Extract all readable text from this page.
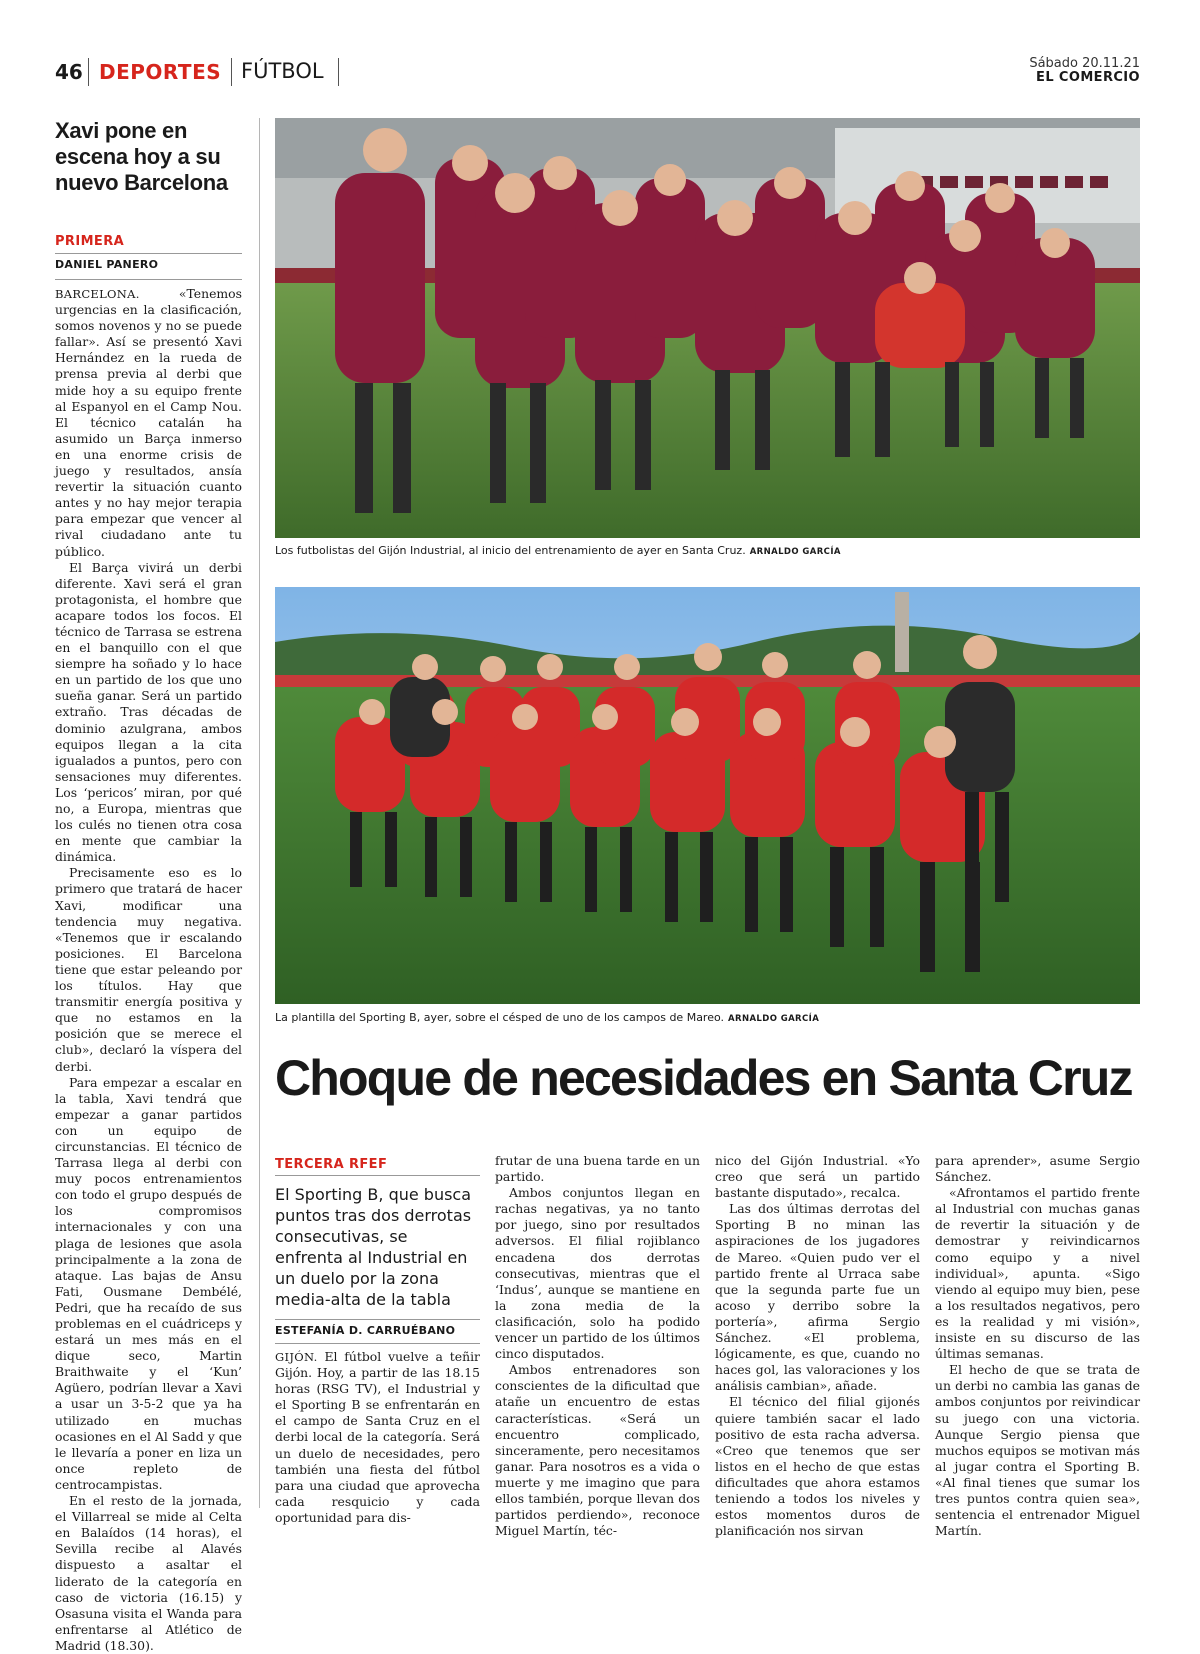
46 DEPORTES FÚTBOL	Sábado 20.11.21
EL COMERCIO
Xavi pone en escena hoy a su nuevo Barcelona
PRIMERA
DANIEL PANERO

BARCELONA.	«Tenemos urgencias en la clasificación, somos novenos y no se puede fallar». Así se presentó Xavi Hernández en la rueda de prensa previa al derbi que mide hoy a su equipo frente al Espanyol en el Camp Nou. El técnico catalán ha asumido un Barça inmerso en una enorme crisis de juego y resultados, ansía revertir la situación cuanto antes y no hay mejor terapia para empezar que vencer al rival ciudadano ante tu público.

El Barça vivirá un derbi diferente. Xavi será el gran protagonista, el hombre que acapare todos los focos. El técnico de Tarrasa se estrena en el banquillo con el que siempre ha soñado y lo hace en un partido de los que uno sueña ganar. Será un partido extraño. Tras décadas de dominio azulgrana, ambos equipos llegan a la cita igualados a puntos, pero con sensaciones muy diferentes. Los ‘pericos’ miran, por qué no, a Europa, mientras que los culés no tienen otra cosa en mente que cambiar la dinámica.

Precisamente eso es lo primero que tratará de hacer Xavi, modificar una tendencia muy negativa. «Tenemos que ir escalando posiciones. El Barcelona tiene que estar peleando por los títulos. Hay que transmitir energía positiva y que no estamos en la posición que se merece el club», declaró la víspera del derbi.

Para empezar a escalar en la tabla, Xavi tendrá que empezar a ganar partidos con un equipo de circunstancias. El técnico de Tarrasa llega al derbi con muy pocos entrenamientos con todo el grupo después de los compromisos internacionales y con una plaga de lesiones que asola principalmente a la zona de ataque. Las bajas de Ansu Fati, Ousmane Dembélé, Pedri, que ha recaído de sus problemas en el cuádriceps y estará un mes más en el dique seco, Martin Braithwaite y el ‘Kun’ Agüero, podrían llevar a Xavi a usar un 3-5-2 que ya ha utilizado en muchas ocasiones en el Al Sadd y que le llevaría a poner en liza un once repleto de centrocampistas.

En el resto de la jornada, el Villarreal se mide al Celta en Balaídos (14 horas), el Sevilla recibe al Alavés dispuesto a asaltar el liderato de la categoría en caso de victoria (16.15) y Osasuna visita el Wanda para enfrentarse al Atlético de Madrid (18.30).

Los futbolistas del Gijón Industrial, al inicio del entrenamiento de ayer en Santa Cruz. ARNALDO GARCÍA
La plantilla del Sporting B, ayer, sobre el césped de uno de los campos de Mareo. ARNALDO GARCÍA
Choque de necesidades en Santa Cruz
TERCERA RFEF
El Sporting B, que busca puntos tras dos derrotas consecutivas, se enfrenta al Industrial en un duelo por la zona media-alta de la tabla
ESTEFANÍA D. CARRUÉBANO

GIJÓN. El fútbol vuelve a teñir Gijón. Hoy, a partir de las 18.15 horas (RSG TV), el Industrial y el Sporting B se enfrentarán en el campo de Santa Cruz en el derbi local de la categoría. Será un duelo de necesidades, pero también una fiesta del fútbol para una ciudad que aprovecha cada resquicio y cada oportunidad para dis-

frutar de una buena tarde en un partido.

Ambos conjuntos llegan en rachas negativas, ya no tanto por juego, sino por resultados adversos. El filial rojiblanco encadena dos derrotas consecutivas, mientras que el ‘Indus’, aunque se mantiene en la zona media de la clasificación, solo ha podido vencer un partido de los últimos cinco disputados.

Ambos entrenadores son conscientes de la dificultad que atañe un encuentro de estas características. «Será un encuentro complicado, sinceramente, pero necesitamos ganar. Para nosotros es a vida o muerte y me imagino que para ellos también, porque llevan dos partidos perdiendo», reconoce Miguel Martín, téc-

nico del Gijón Industrial. «Yo creo que será un partido bastante disputado», recalca.

Las dos últimas derrotas del Sporting B no minan las aspiraciones de los jugadores de Mareo. «Quien pudo ver el partido frente al Urraca sabe que la segunda parte fue un acoso y derribo sobre la portería», afirma Sergio Sánchez. «El problema, lógicamente, es que, cuando no haces gol, las valoraciones y los análisis cambian», añade.

El técnico del filial gijonés quiere también sacar el lado positivo de esta racha adversa. «Creo que tenemos que ser listos en el hecho de que estas dificultades que ahora estamos teniendo a todos los niveles y estos momentos duros de planificación nos sirvan

para aprender», asume Sergio Sánchez.

«Afrontamos el partido frente al Industrial con muchas ganas de revertir la situación y de demostrar y reivindicarnos como equipo y a nivel individual», apunta. «Sigo viendo al equipo muy bien, pese a los resultados negativos, pero es la realidad y mi visión», insiste en su discurso de las últimas semanas.

El hecho de que se trata de un derbi no cambia las ganas de ambos conjuntos por reivindicar su juego con una victoria. Aunque Sergio piensa que muchos equipos se motivan más al jugar contra el Sporting B. «Al final tienes que sumar los tres puntos contra quien sea», sentencia el entrenador Miguel Martín.
